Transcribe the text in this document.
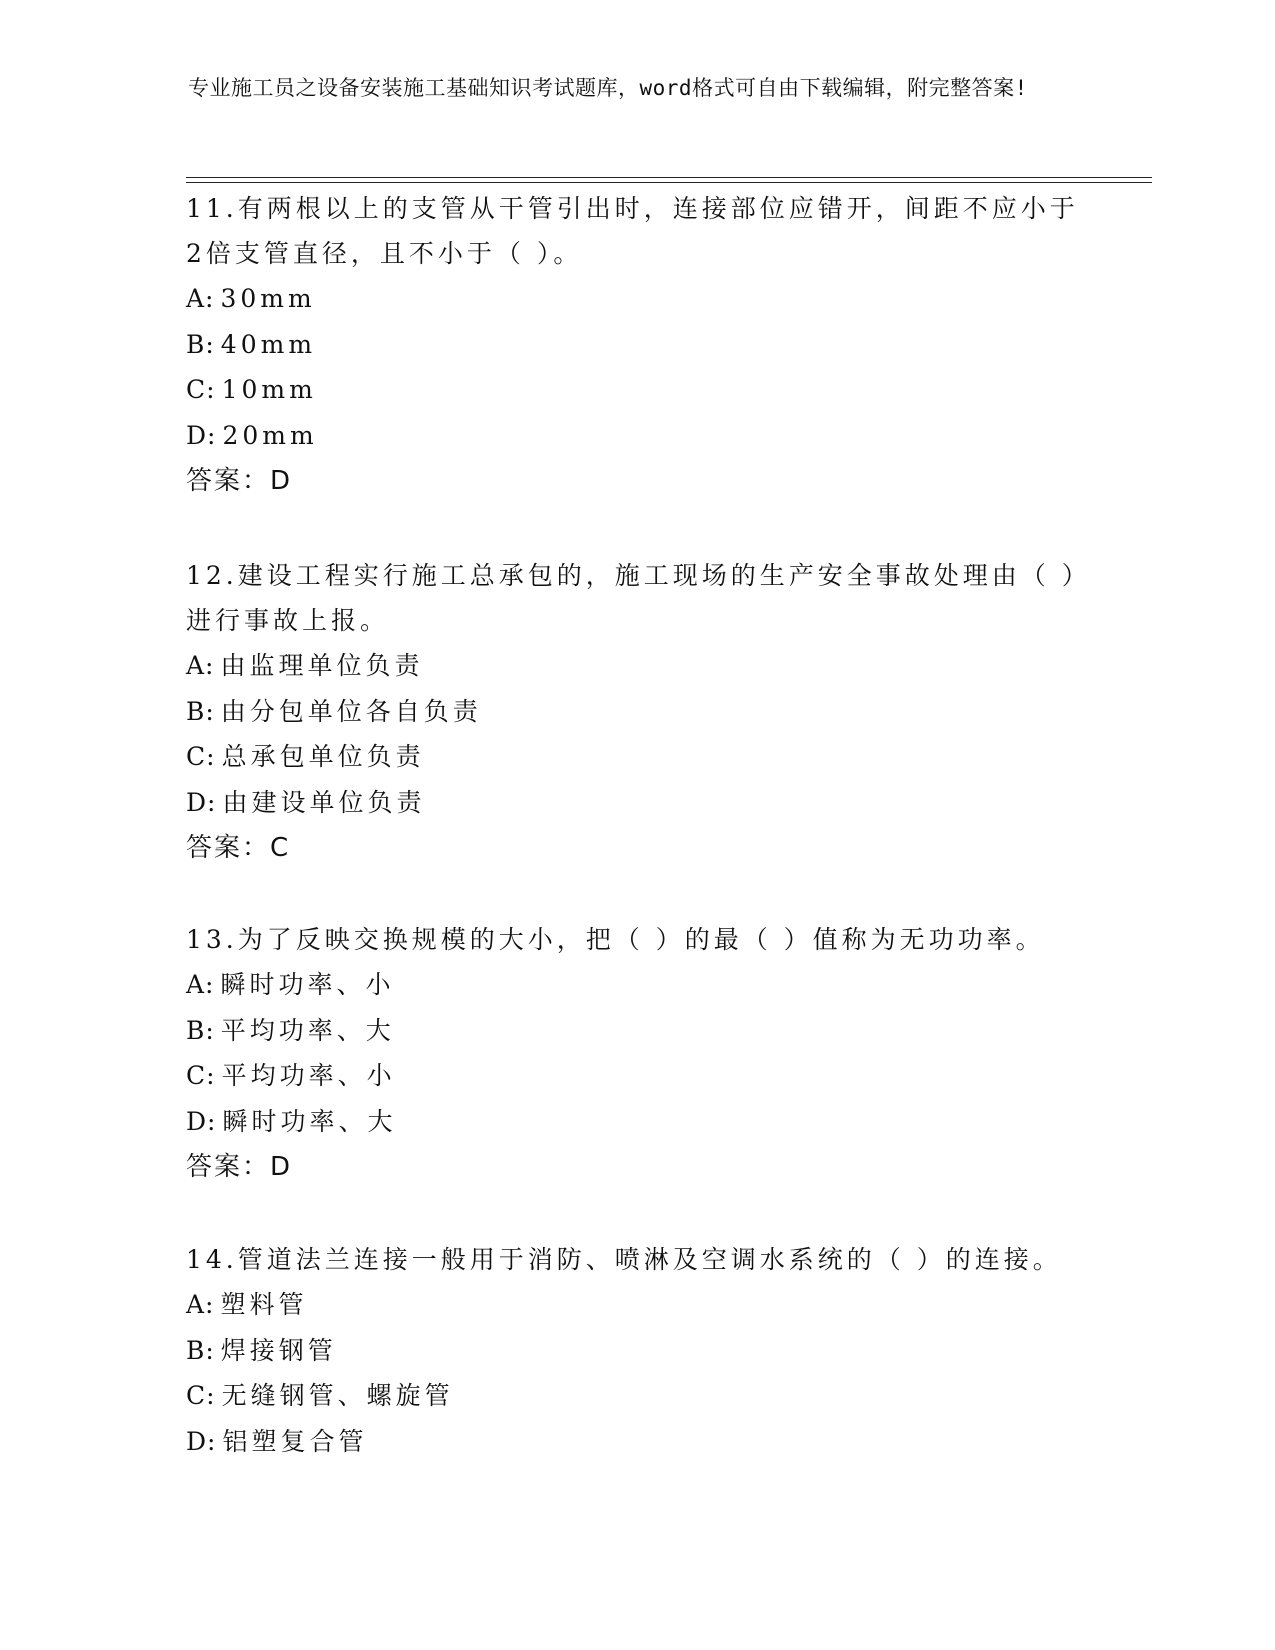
专业施工员之设备安装施工基础知识考试题库，word格式可自由下载编辑，附完整答案!
11.有两根以上的支管从干管引出时，连接部位应错开，间距不应小于2倍支管直径，且不小于（ ）。
A: 30mm
B: 40mm
C: 10mm
D: 20mm
答案：D
12.建设工程实行施工总承包的，施工现场的生产安全事故处理由（ ）进行事故上报。
A: 由监理单位负责
B: 由分包单位各自负责
C: 总承包单位负责
D: 由建设单位负责
答案：C
13.为了反映交换规模的大小，把（ ）的最（ ）值称为无功功率。
A: 瞬时功率、小
B: 平均功率、大
C: 平均功率、小
D: 瞬时功率、大
答案：D
14.管道法兰连接一般用于消防、喷淋及空调水系统的（ ）的连接。
A: 塑料管
B: 焊接钢管
C: 无缝钢管、螺旋管
D: 铝塑复合管
